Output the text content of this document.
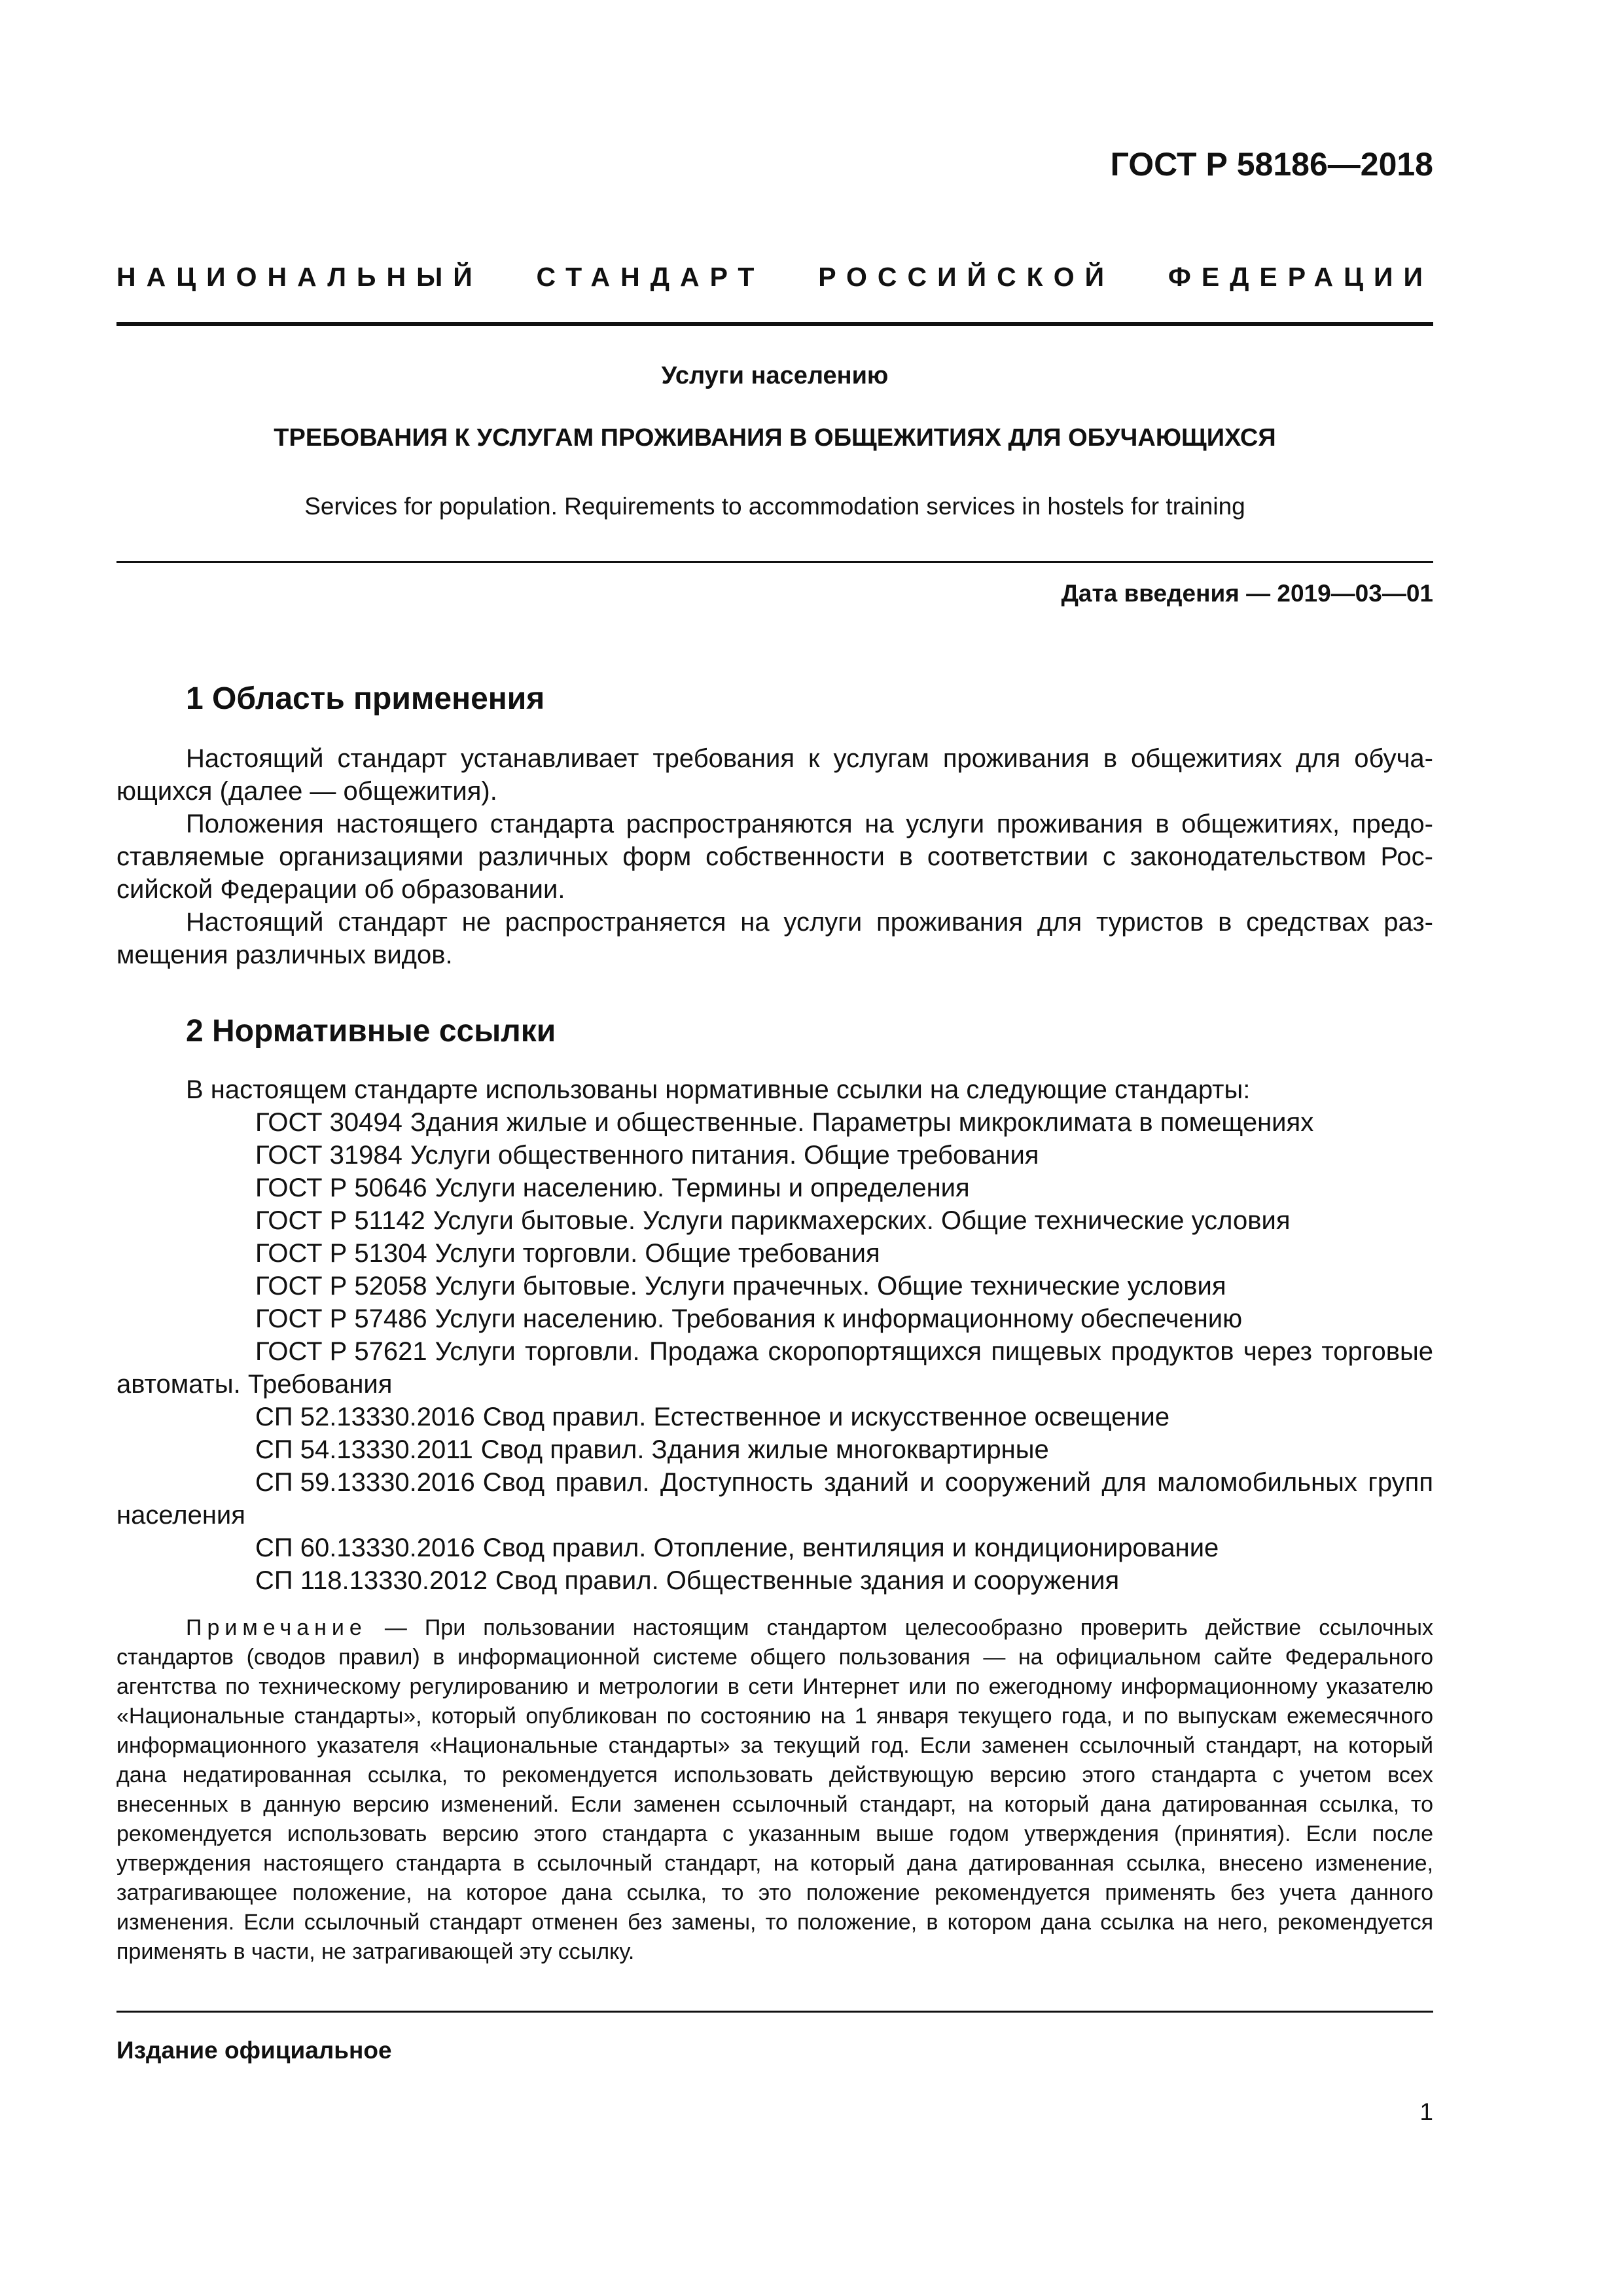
ГОСТ Р 58186—2018
НАЦИОНАЛЬНЫЙ СТАНДАРТ РОССИЙСКОЙ ФЕДЕРАЦИИ
Услуги населению
ТРЕБОВАНИЯ К УСЛУГАМ ПРОЖИВАНИЯ В ОБЩЕЖИТИЯХ ДЛЯ ОБУЧАЮЩИХСЯ
Services for population. Requirements to accommodation services in hostels for training
Дата введения — 2019—03—01
1 Область применения

Настоящий стандарт устанавливает требования к услугам проживания в общежитиях для обучающихся (далее — общежития).

Положения настоящего стандарта распространяются на услуги проживания в общежитиях, предоставляемые организациями различных форм собственности в соответствии с законодательством Российской Федерации об образовании.

Настоящий стандарт не распространяется на услуги проживания для туристов в средствах размещения различных видов.

2 Нормативные ссылки

В настоящем стандарте использованы нормативные ссылки на следующие стандарты:

ГОСТ 30494 Здания жилые и общественные. Параметры микроклимата в помещениях

ГОСТ 31984 Услуги общественного питания. Общие требования

ГОСТ Р 50646 Услуги населению. Термины и определения

ГОСТ Р 51142 Услуги бытовые. Услуги парикмахерских. Общие технические условия

ГОСТ Р 51304 Услуги торговли. Общие требования

ГОСТ Р 52058 Услуги бытовые. Услуги прачечных. Общие технические условия

ГОСТ Р 57486 Услуги населению. Требования к информационному обеспечению

ГОСТ Р 57621 Услуги торговли. Продажа скоропортящихся пищевых продуктов через торговые автоматы. Требования

СП 52.13330.2016 Свод правил. Естественное и искусственное освещение

СП 54.13330.2011 Свод правил. Здания жилые многоквартирные

СП 59.13330.2016 Свод правил. Доступность зданий и сооружений для маломобильных групп населения

СП 60.13330.2016 Свод правил. Отопление, вентиляция и кондиционирование

СП 118.13330.2012 Свод правил. Общественные здания и сооружения

Примечание — При пользовании настоящим стандартом целесообразно проверить действие ссылочных стандартов (сводов правил) в информационной системе общего пользования — на официальном сайте Федерального агентства по техническому регулированию и метрологии в сети Интернет или по ежегодному информационному указателю «Национальные стандарты», который опубликован по состоянию на 1 января текущего года, и по выпускам ежемесячного информационного указателя «Национальные стандарты» за текущий год. Если заменен ссылочный стандарт, на который дана недатированная ссылка, то рекомендуется использовать действующую версию этого стандарта с учетом всех внесенных в данную версию изменений. Если заменен ссылочный стандарт, на который дана датированная ссылка, то рекомендуется использовать версию этого стандарта с указанным выше годом утверждения (принятия). Если после утверждения настоящего стандарта в ссылочный стандарт, на который дана датированная ссылка, внесено изменение, затрагивающее положение, на которое дана ссылка, то это положение рекомендуется применять без учета данного изменения. Если ссылочный стандарт отменен без замены, то положение, в котором дана ссылка на него, рекомендуется применять в части, не затрагивающей эту ссылку.

Издание официальное
1
